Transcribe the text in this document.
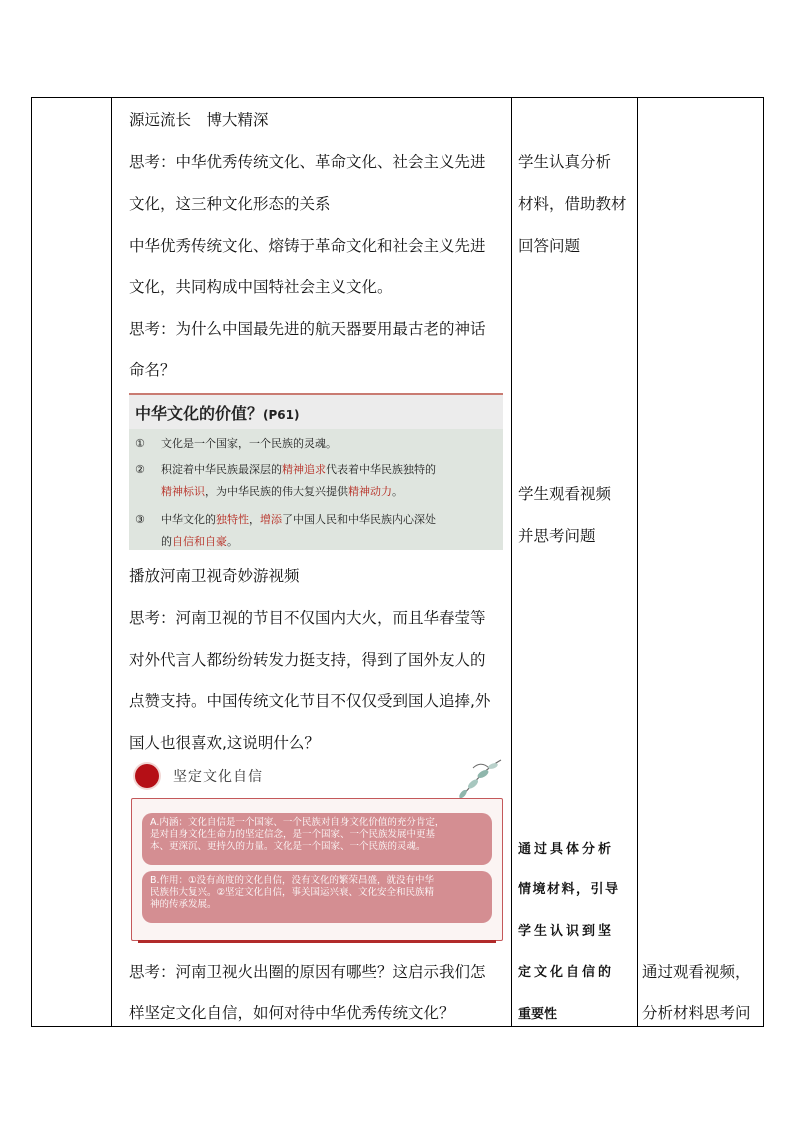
源远流长　博大精深
思考：中华优秀传统文化、革命文化、社会主义先进
文化，这三种文化形态的关系
中华优秀传统文化、熔铸于革命文化和社会主义先进
文化，共同构成中国特社会主义文化。
思考：为什么中国最先进的航天器要用最古老的神话
命名？
中华文化的价值？(P61)
① 文化是一个国家，一个民族的灵魂。
② 积淀着中华民族最深层的精神追求代表着中华民族独特的
精神标识，为中华民族的伟大复兴提供精神动力。
③ 中华文化的独特性，增添了中国人民和中华民族内心深处
的自信和自豪。
播放河南卫视奇妙游视频
思考：河南卫视的节目不仅国内大火，而且华春莹等
对外代言人都纷纷转发力挺支持，得到了国外友人的
点赞支持。中国传统文化节目不仅仅受到国人追捧,外
国人也很喜欢,这说明什么？
坚定文化自信
A.内涵：文化自信是一个国家、一个民族对自身文化价值的充分肯定，
是对自身文化生命力的坚定信念，是一个国家、一个民族发展中更基
本、更深沉、更持久的力量。文化是一个国家、一个民族的灵魂。
B.作用：①没有高度的文化自信，没有文化的繁荣昌盛，就没有中华
民族伟大复兴。②坚定文化自信，事关国运兴衰、文化安全和民族精
神的传承发展。
思考：河南卫视火出圈的原因有哪些？这启示我们怎
样坚定文化自信，如何对待中华优秀传统文化？
学生认真分析
材料，借助教材
回答问题
学生观看视频
并思考问题
通过具体分析
情境材料，引导
学生认识到坚
定文化自信的
重要性
通过观看视频，
分析材料思考问
